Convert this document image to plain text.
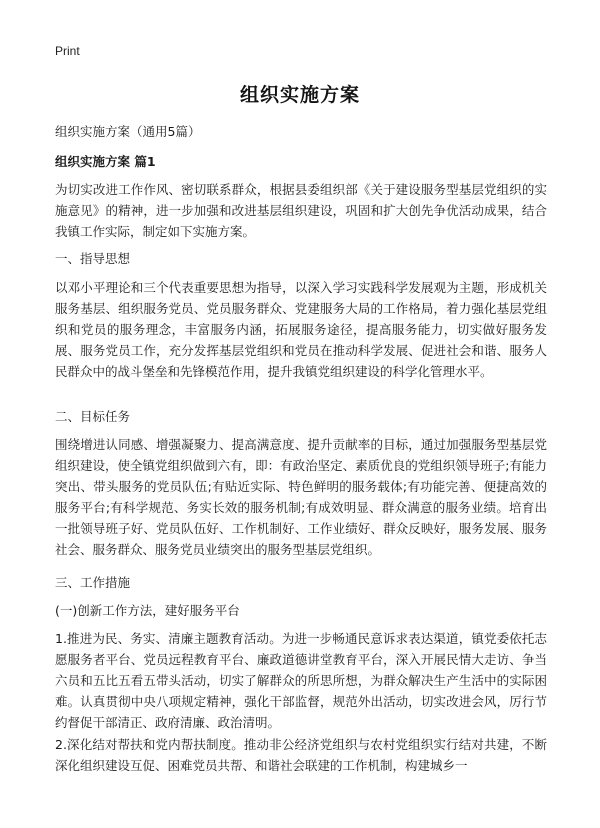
Print
组织实施方案
组织实施方案（通用5篇）
组织实施方案 篇1

为切实改进工作作风、密切联系群众，根据县委组织部《关于建设服务型基层党组织的实施意见》的精神，进一步加强和改进基层组织建设，巩固和扩大创先争优活动成果，结合我镇工作实际，制定如下实施方案。

一、指导思想

以邓小平理论和三个代表重要思想为指导，以深入学习实践科学发展观为主题，形成机关服务基层、组织服务党员、党员服务群众、党建服务大局的工作格局，着力强化基层党组织和党员的服务理念，丰富服务内涵，拓展服务途径，提高服务能力，切实做好服务发展、服务党员工作，充分发挥基层党组织和党员在推动科学发展、促进社会和谐、服务人民群众中的战斗堡垒和先锋模范作用，提升我镇党组织建设的科学化管理水平。

二、目标任务

围绕增进认同感、增强凝聚力、提高满意度、提升贡献率的目标，通过加强服务型基层党组织建设，使全镇党组织做到六有，即：有政治坚定、素质优良的党组织领导班子;有能力突出、带头服务的党员队伍;有贴近实际、特色鲜明的服务载体;有功能完善、便捷高效的服务平台;有科学规范、务实长效的服务机制;有成效明显、群众满意的服务业绩。培育出一批领导班子好、党员队伍好、工作机制好、工作业绩好、群众反映好，服务发展、服务社会、服务群众、服务党员业绩突出的服务型基层党组织。

三、工作措施
(一)创新工作方法，建好服务平台

1.推进为民、务实、清廉主题教育活动。为进一步畅通民意诉求表达渠道，镇党委依托志愿服务者平台、党员远程教育平台、廉政道德讲堂教育平台，深入开展民情大走访、争当六员和五比五看五带头活动，切实了解群众的所思所想，为群众解决生产生活中的实际困难。认真贯彻中央八项规定精神，强化干部监督，规范外出活动，切实改进会风，厉行节约督促干部清正、政府清廉、政治清明。

2.深化结对帮扶和党内帮扶制度。推动非公经济党组织与农村党组织实行结对共建，不断深化组织建设互促、困难党员共帮、和谐社会联建的工作机制，构建城乡一
